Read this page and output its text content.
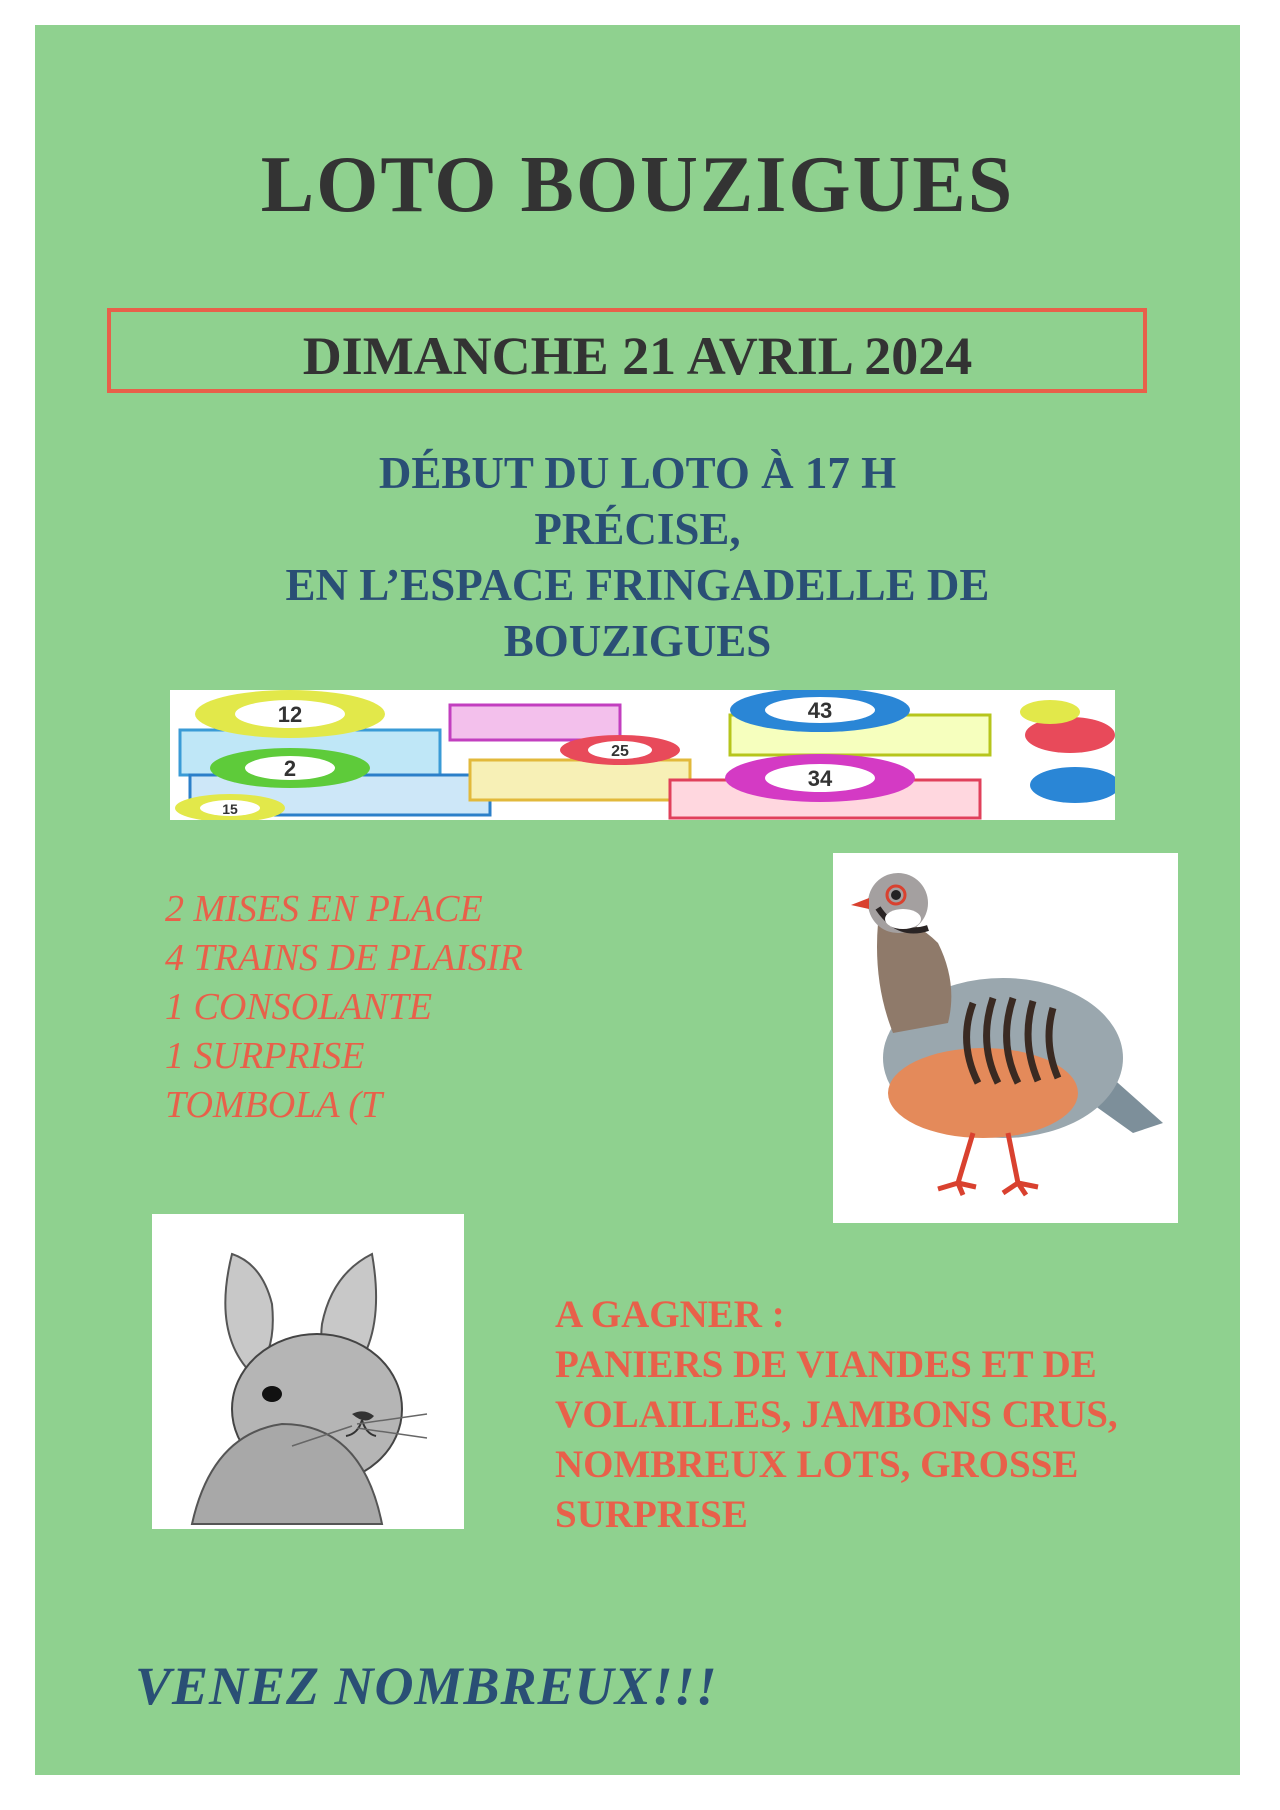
LOTO BOUZIGUES
DIMANCHE 21 AVRIL 2024
DÉBUT DU LOTO À 17 H
PRÉCISE,
EN L’ESPACE FRINGADELLE DE
BOUZIGUES
12	43
2	34
25
15
2 MISES EN PLACE
4 TRAINS DE PLAISIR
1 CONSOLANTE
1 SURPRISE
TOMBOLA (T
A GAGNER :
PANIERS DE VIANDES ET DE
VOLAILLES, JAMBONS CRUS,
NOMBREUX LOTS, GROSSE
SURPRISE
VENEZ NOMBREUX!!!
